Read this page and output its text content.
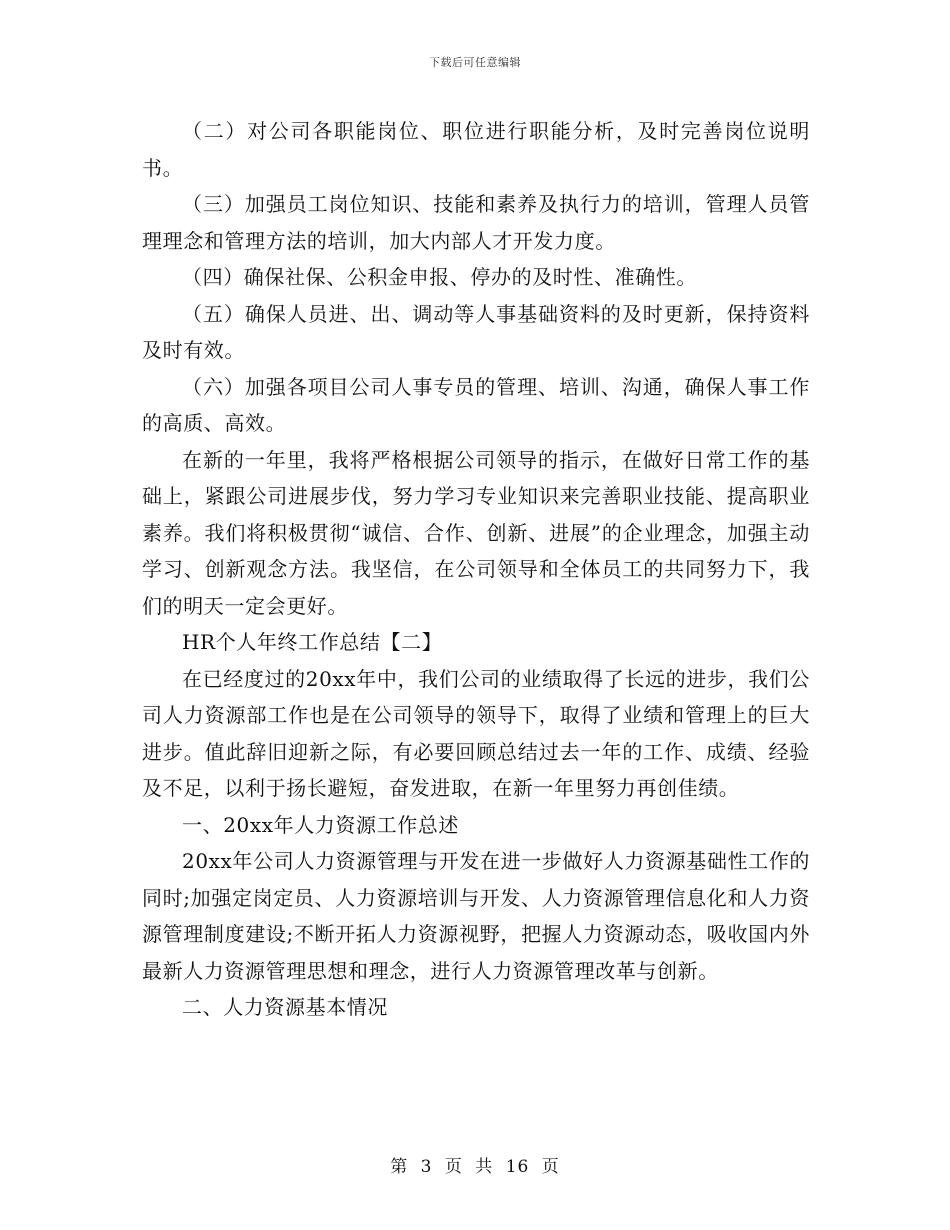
下载后可任意编辑

（二）对公司各职能岗位、职位进行职能分析，及时完善岗位说明书。

（三）加强员工岗位知识、技能和素养及执行力的培训，管理人员管理理念和管理方法的培训，加大内部人才开发力度。

（四）确保社保、公积金申报、停办的及时性、准确性。

（五）确保人员进、出、调动等人事基础资料的及时更新，保持资料及时有效。

（六）加强各项目公司人事专员的管理、培训、沟通，确保人事工作的高质、高效。

在新的一年里，我将严格根据公司领导的指示，在做好日常工作的基础上，紧跟公司进展步伐，努力学习专业知识来完善职业技能、提高职业素养。我们将积极贯彻“诚信、合作、创新、进展”的企业理念，加强主动学习、创新观念方法。我坚信，在公司领导和全体员工的共同努力下，我们的明天一定会更好。

HR个人年终工作总结【二】

在已经度过的20xx年中，我们公司的业绩取得了长远的进步，我们公司人力资源部工作也是在公司领导的领导下，取得了业绩和管理上的巨大进步。值此辞旧迎新之际，有必要回顾总结过去一年的工作、成绩、经验及不足，以利于扬长避短，奋发进取，在新一年里努力再创佳绩。

一、20xx年人力资源工作总述

20xx年公司人力资源管理与开发在进一步做好人力资源基础性工作的同时;加强定岗定员、人力资源培训与开发、人力资源管理信息化和人力资源管理制度建设;不断开拓人力资源视野，把握人力资源动态，吸收国内外最新人力资源管理思想和理念，进行人力资源管理改革与创新。

二、人力资源基本情况

第 3 页 共 16 页
